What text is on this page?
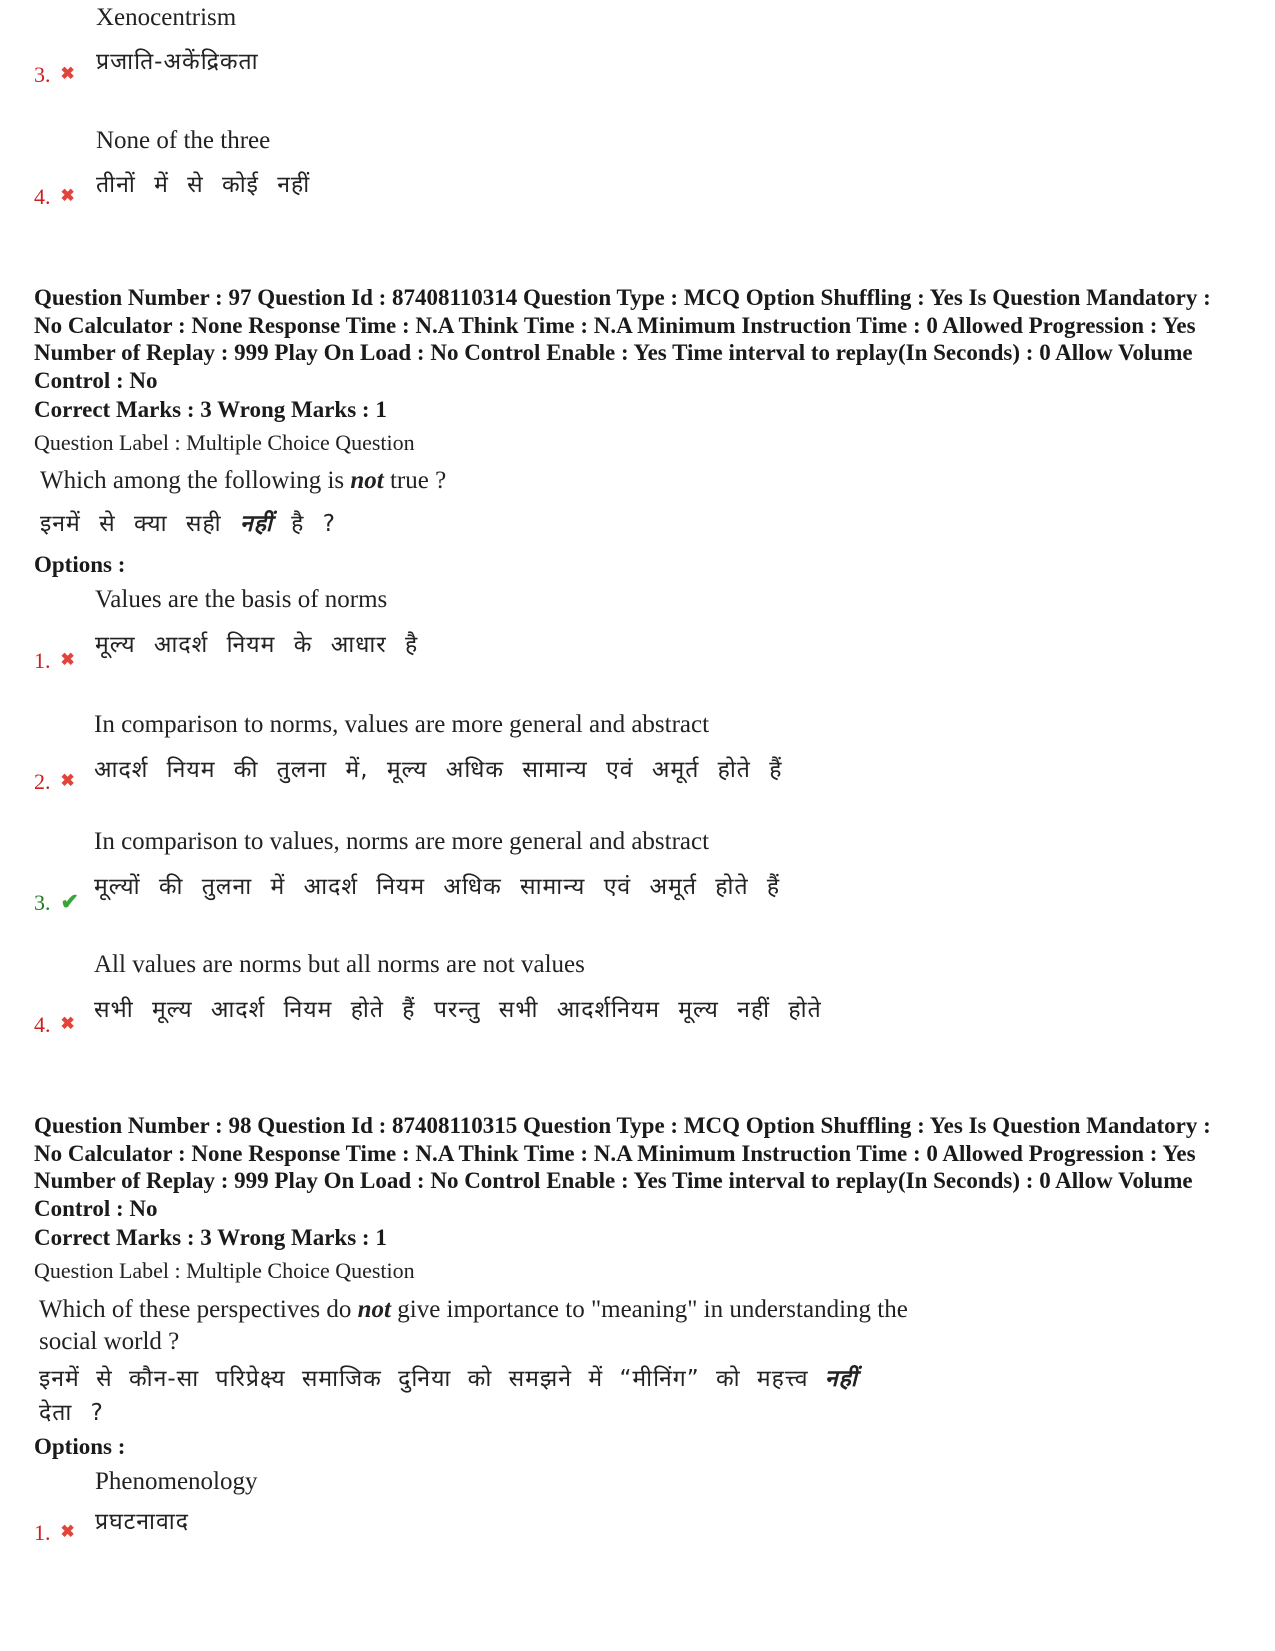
Xenocentrism
प्रजाति-अकेंद्रिकता
3. ✖
None of the three
तीनों में से कोई नहीं
4. ✖
Question Number : 97 Question Id : 87408110314 Question Type : MCQ Option Shuffling : Yes Is Question Mandatory : No Calculator : None Response Time : N.A Think Time : N.A Minimum Instruction Time : 0 Allowed Progression : Yes Number of Replay : 999 Play On Load : No Control Enable : Yes Time interval to replay(In Seconds) : 0 Allow Volume Control : No
Correct Marks : 3 Wrong Marks : 1
Question Label : Multiple Choice Question
Which among the following is not true ?
इनमें से क्या सही नहीं है ?
Options :
Values are the basis of norms
मूल्य आदर्श नियम के आधार है
1. ✖
In comparison to norms, values are more general and abstract
आदर्श नियम की तुलना में, मूल्य अधिक सामान्य एवं अमूर्त होते हैं
2. ✖
In comparison to values, norms are more general and abstract
मूल्यों की तुलना में आदर्श नियम अधिक सामान्य एवं अमूर्त होते हैं
3. ✔
All values are norms but all norms are not values
सभी मूल्य आदर्श नियम होते हैं परन्तु सभी आदर्शनियम मूल्य नहीं होते
4. ✖
Question Number : 98 Question Id : 87408110315 Question Type : MCQ Option Shuffling : Yes Is Question Mandatory : No Calculator : None Response Time : N.A Think Time : N.A Minimum Instruction Time : 0 Allowed Progression : Yes Number of Replay : 999 Play On Load : No Control Enable : Yes Time interval to replay(In Seconds) : 0 Allow Volume Control : No
Correct Marks : 3 Wrong Marks : 1
Question Label : Multiple Choice Question
Which of these perspectives do not give importance to "meaning" in understanding the
social world ?
इनमें से कौन-सा परिप्रेक्ष्य समाजिक दुनिया को समझने में “मीनिंग” को महत्त्व नहीं
देता ?
Options :
Phenomenology
प्रघटनावाद
1. ✖
